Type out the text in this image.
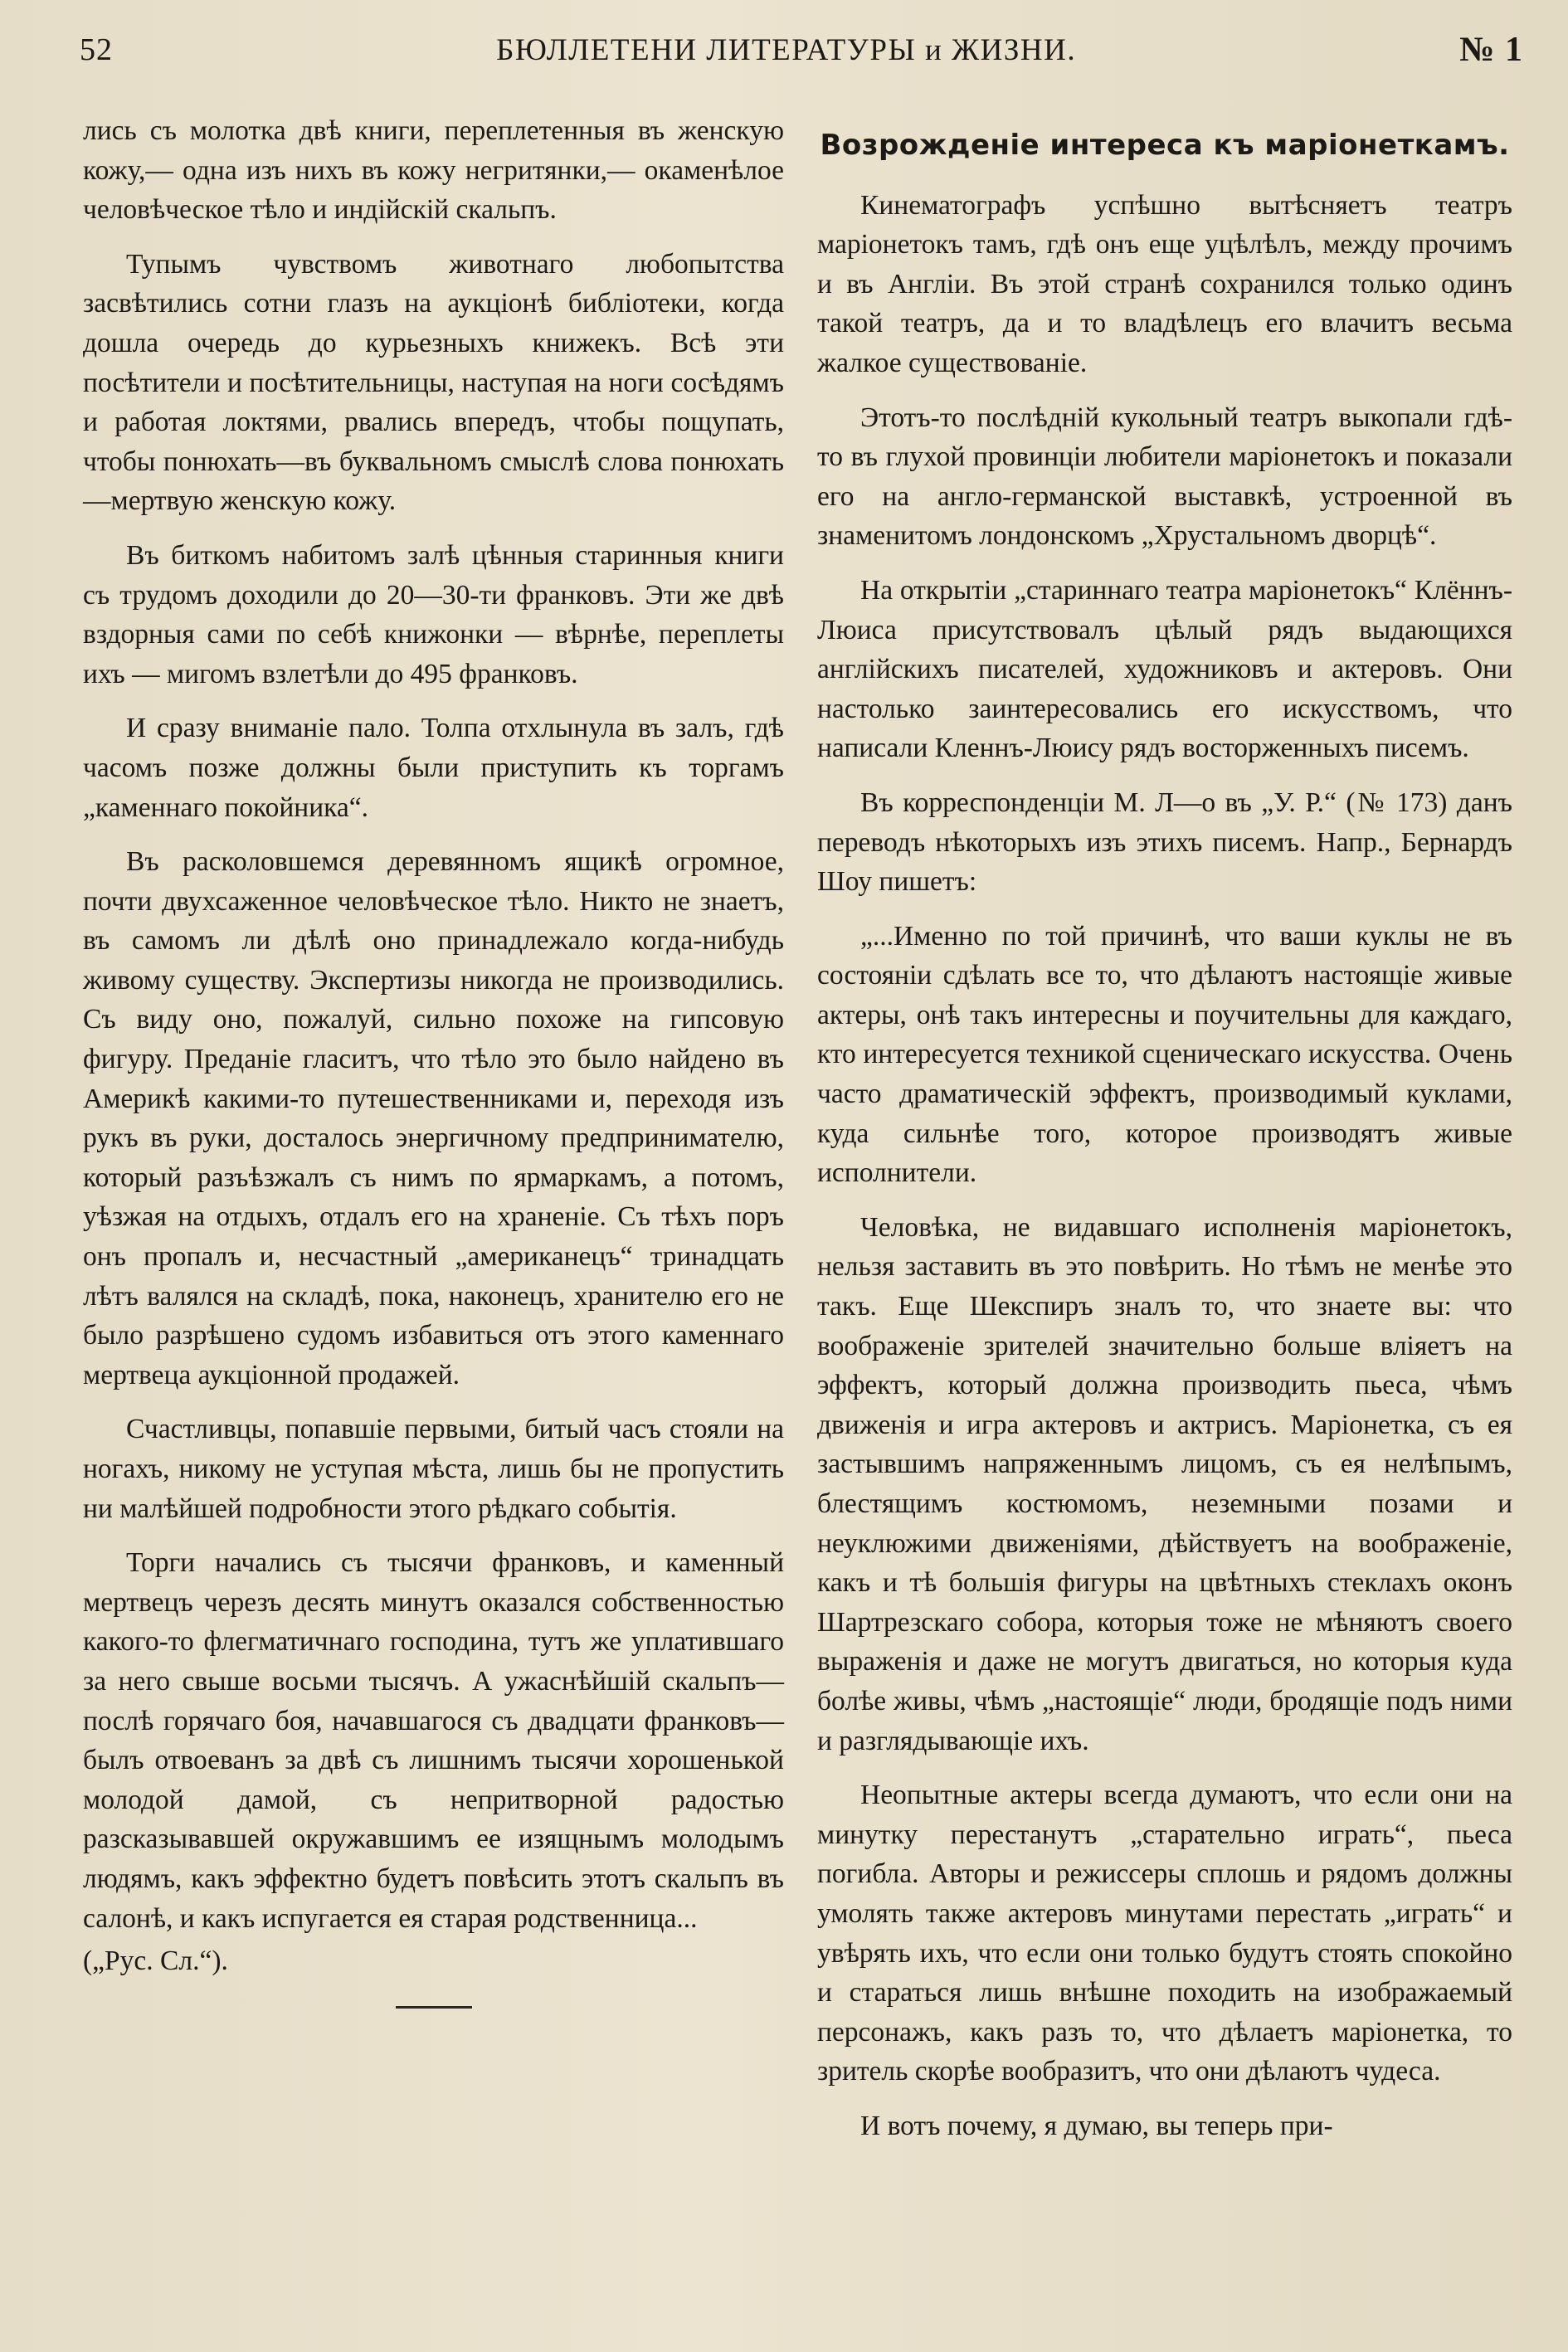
52	БЮЛЛЕТЕНИ ЛИТЕРАТУРЫ и ЖИЗНИ.	№ 1

лись съ молотка двѣ книги, переплетенныя въ женскую кожу,— одна изъ нихъ въ кожу негритянки,— окаменѣлое человѣческое тѣло и индійскій скальпъ.

Тупымъ чувствомъ животнаго любопытства засвѣтились сотни глазъ на аукціонѣ библіотеки, когда дошла очередь до курьезныхъ книжекъ. Всѣ эти посѣтители и посѣтительницы, наступая на ноги сосѣдямъ и работая локтями, рвались впередъ, чтобы пощупать, чтобы понюхать—въ буквальномъ смыслѣ слова понюхать—мертвую женскую кожу.

Въ биткомъ набитомъ залѣ цѣнныя старинныя книги съ трудомъ доходили до 20—30-ти франковъ. Эти же двѣ вздорныя сами по себѣ книжонки — вѣрнѣе, переплеты ихъ — мигомъ взлетѣли до 495 франковъ.

И сразу вниманіе пало. Толпа отхлынула въ залъ, гдѣ часомъ позже должны были приступить къ торгамъ „каменнаго покойника“.

Въ расколовшемся деревянномъ ящикѣ огромное, почти двухсаженное человѣческое тѣло. Никто не знаетъ, въ самомъ ли дѣлѣ оно принадлежало когда-нибудь живому существу. Экспертизы никогда не производились. Съ виду оно, пожалуй, сильно похоже на гипсовую фигуру. Преданіе гласитъ, что тѣло это было найдено въ Америкѣ какими-то путешественниками и, переходя изъ рукъ въ руки, досталось энергичному предпринимателю, который разъѣзжалъ съ нимъ по ярмаркамъ, а потомъ, уѣзжая на отдыхъ, отдалъ его на храненіе. Съ тѣхъ поръ онъ пропалъ и, несчастный „американецъ“ тринадцать лѣтъ валялся на складѣ, пока, наконецъ, хранителю его не было разрѣшено судомъ избавиться отъ этого каменнаго мертвеца аукціонной продажей.

Счастливцы, попавшіе первыми, битый часъ стояли на ногахъ, никому не уступая мѣста, лишь бы не пропустить ни малѣйшей подробности этого рѣдкаго событія.

Торги начались съ тысячи франковъ, и каменный мертвецъ черезъ десять минутъ оказался собственностью какого-то флегматичнаго господина, тутъ же уплатившаго за него свыше восьми тысячъ. А ужаснѣйшій скальпъ—послѣ горячаго боя, начавшагося съ двадцати франковъ—былъ отвоеванъ за двѣ съ лишнимъ тысячи хорошенькой молодой дамой, съ непритворной радостью разсказывавшей окружавшимъ ее изящнымъ молодымъ людямъ, какъ эффектно будетъ повѣсить этотъ скальпъ въ салонѣ, и какъ испугается ея старая родственница...

(„Рус. Сл.“).

Возрожденіе интереса къ маріонеткамъ.

Кинематографъ успѣшно вытѣсняетъ театръ маріонетокъ тамъ, гдѣ онъ еще уцѣлѣлъ, между прочимъ и въ Англіи. Въ этой странѣ сохранился только одинъ такой театръ, да и то владѣлецъ его влачитъ весьма жалкое существованіе.

Этотъ-то послѣдній кукольный театръ выкопали гдѣ-то въ глухой провинціи любители маріонетокъ и показали его на англо-германской выставкѣ, устроенной въ знаменитомъ лондонскомъ „Хрустальномъ дворцѣ“.

На открытіи „стариннаго театра маріонетокъ“ Клённъ-Люиса присутствовалъ цѣлый рядъ выдающихся англійскихъ писателей, художниковъ и актеровъ. Они настолько заинтересовались его искусствомъ, что написали Кленнъ-Люису рядъ восторженныхъ писемъ.

Въ корреспонденціи М. Л—о въ „У. Р.“ (№ 173) данъ переводъ нѣкоторыхъ изъ этихъ писемъ. Напр., Бернардъ Шоу пишетъ:

„...Именно по той причинѣ, что ваши куклы не въ состояніи сдѣлать все то, что дѣлаютъ настоящіе живые актеры, онѣ такъ интересны и поучительны для каждаго, кто интересуется техникой сценическаго искусства. Очень часто драматическій эффектъ, производимый куклами, куда сильнѣе того, которое производятъ живые исполнители.

Человѣка, не видавшаго исполненія маріонетокъ, нельзя заставить въ это повѣрить. Но тѣмъ не менѣе это такъ. Еще Шекспиръ зналъ то, что знаете вы: что воображеніе зрителей значительно больше вліяетъ на эффектъ, который должна производить пьеса, чѣмъ движенія и игра актеровъ и актрисъ. Маріонетка, съ ея застывшимъ напряженнымъ лицомъ, съ ея нелѣпымъ, блестящимъ костюмомъ, неземными позами и неуклюжими движеніями, дѣйствуетъ на воображеніе, какъ и тѣ большія фигуры на цвѣтныхъ стеклахъ оконъ Шартрезскаго собора, которыя тоже не мѣняютъ своего выраженія и даже не могутъ двигаться, но которыя куда болѣе живы, чѣмъ „настоящіе“ люди, бродящіе подъ ними и разглядывающіе ихъ.

Неопытные актеры всегда думаютъ, что если они на минутку перестанутъ „старательно играть“, пьеса погибла. Авторы и режиссеры сплошь и рядомъ должны умолять также актеровъ минутами перестать „играть“ и увѣрять ихъ, что если они только будутъ стоять спокойно и стараться лишь внѣшне походить на изображаемый персонажъ, какъ разъ то, что дѣлаетъ маріонетка, то зритель скорѣе вообразитъ, что они дѣлаютъ чудеса.

И вотъ почему, я думаю, вы теперь при-
